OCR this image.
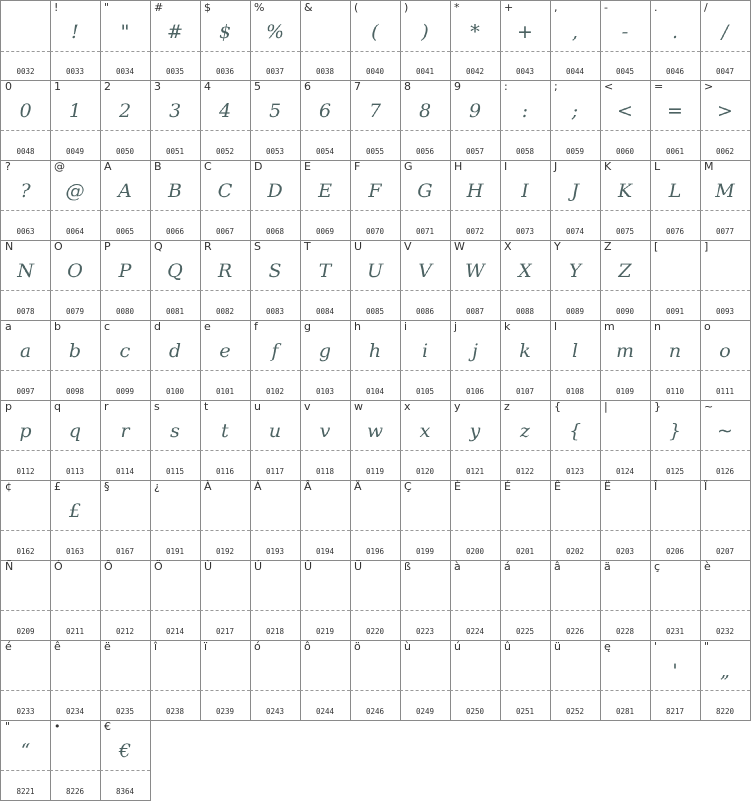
0032
!
!
0033
"
"
0034
#
#
0035
$
$
0036
%
%
0037
&
0038
(
(
0040
)
)
0041
*
*
0042
+
+
0043
,
,
0044
-
-
0045
.
.
0046
/
/
0047
0
0
0048
1
1
0049
2
2
0050
3
3
0051
4
4
0052
5
5
0053
6
6
0054
7
7
0055
8
8
0056
9
9
0057
:
:
0058
;
;
0059
<
<
0060
=
=
0061
>
>
0062
?
?
0063
@
@
0064
A
A
0065
B
B
0066
C
C
0067
D
D
0068
E
E
0069
F
F
0070
G
G
0071
H
H
0072
I
I
0073
J
J
0074
K
K
0075
L
L
0076
M
M
0077
N
N
0078
O
O
0079
P
P
0080
Q
Q
0081
R
R
0082
S
S
0083
T
T
0084
U
U
0085
V
V
0086
W
W
0087
X
X
0088
Y
Y
0089
Z
Z
0090
[
0091
]
0093
a
a
0097
b
b
0098
c
c
0099
d
d
0100
e
e
0101
f
f
0102
g
g
0103
h
h
0104
i
i
0105
j
j
0106
k
k
0107
l
l
0108
m
m
0109
n
n
0110
o
o
0111
p
p
0112
q
q
0113
r
r
0114
s
s
0115
t
t
0116
u
u
0117
v
v
0118
w
w
0119
x
x
0120
y
y
0121
z
z
0122
{
{
0123
|
0124
}
}
0125
~
~
0126
¢
0162
£
£
0163
§
0167
¿
0191
À
0192
Á
0193
Â
0194
Ä
0196
Ç
0199
È
0200
É
0201
Ê
0202
Ë
0203
Î
0206
Ï
0207
Ñ
0209
Ó
0211
Ô
0212
Ö
0214
Ù
0217
Ú
0218
Û
0219
Ü
0220
ß
0223
à
0224
á
0225
â
0226
ä
0228
ç
0231
è
0232
é
0233
ê
0234
ë
0235
î
0238
ï
0239
ó
0243
ô
0244
ö
0246
ù
0249
ú
0250
û
0251
ü
0252
ę
0281
'
'
8217
"
„
8220
"
“
8221
•
8226
€
€
8364
